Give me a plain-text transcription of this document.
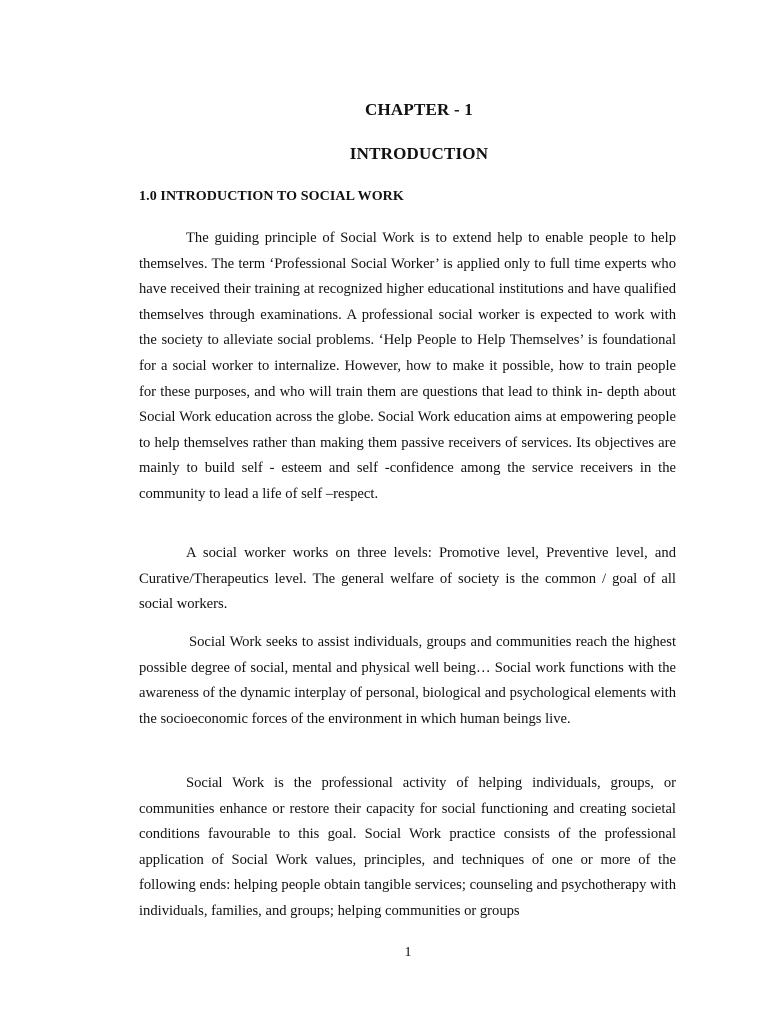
CHAPTER - 1
INTRODUCTION
1.0 INTRODUCTION TO SOCIAL WORK

The guiding principle of Social Work is to extend help to enable people to help themselves. The term ‘Professional Social Worker’ is applied only to full time experts who have received their training at recognized higher educational institutions and have qualified themselves through examinations. A professional social worker is expected to work with the society to alleviate social problems. ‘Help People to Help Themselves’ is foundational for a social worker to internalize. However, how to make it possible, how to train people for these purposes, and who will train them are questions that lead to think in- depth about Social Work education across the globe. Social Work education aims at empowering people to help themselves rather than making them passive receivers of services. Its objectives are mainly to build self - esteem and self -confidence among the service receivers in the community to lead a life of self –respect.

A social worker works on three levels: Promotive level, Preventive level, and Curative/Therapeutics level. The general welfare of society is the common / goal of all social workers.

Social Work seeks to assist individuals, groups and communities reach the highest possible degree of social, mental and physical well being… Social work functions with the awareness of the dynamic interplay of personal, biological and psychological elements with the socioeconomic forces of the environment in which human beings live.

Social Work is the professional activity of helping individuals, groups, or communities enhance or restore their capacity for social functioning and creating societal conditions favourable to this goal. Social Work practice consists of the professional application of Social Work values, principles, and techniques of one or more of the following ends: helping people obtain tangible services; counseling and psychotherapy with individuals, families, and groups; helping communities or groups

1
